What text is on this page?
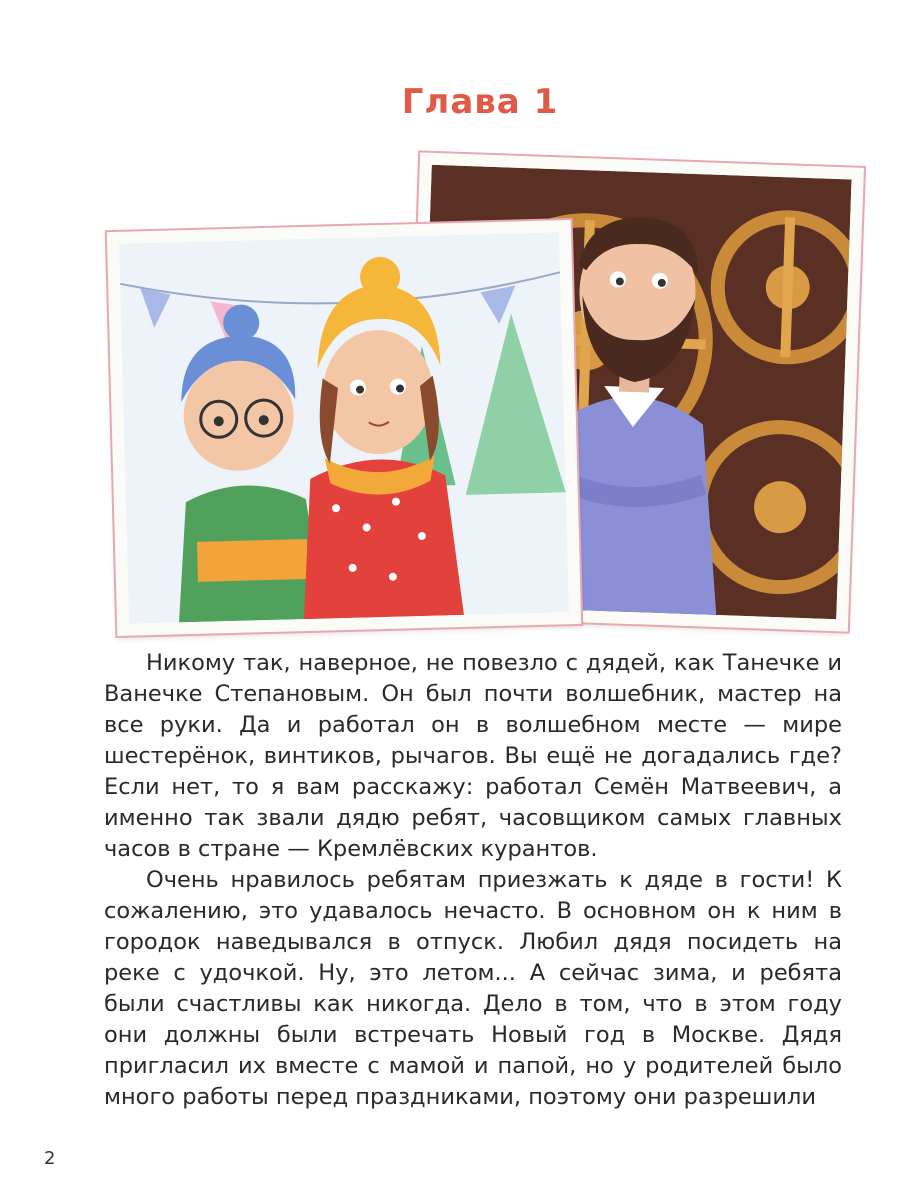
Глава 1

Никому так, наверное, не повезло с дядей, как Танечке и Ванечке Степановым. Он был почти волшебник, мастер на все руки. Да и работал он в волшебном месте — мире шестерёнок, винтиков, рычагов. Вы ещё не догадались где? Если нет, то я вам расскажу: работал Семён Матвеевич, а именно так звали дядю ребят, часовщиком самых главных часов в стране — Кремлёвских курантов.

Очень нравилось ребятам приезжать к дяде в гости! К сожалению, это удавалось нечасто. В основном он к ним в городок наведывался в отпуск. Любил дядя посидеть на реке с удочкой. Ну, это летом... А сейчас зима, и ребята были счастливы как никогда. Дело в том, что в этом году они должны были встречать Новый год в Москве. Дядя пригласил их вместе с мамой и папой, но у родителей было много работы перед праздниками, поэтому они разрешили

2
